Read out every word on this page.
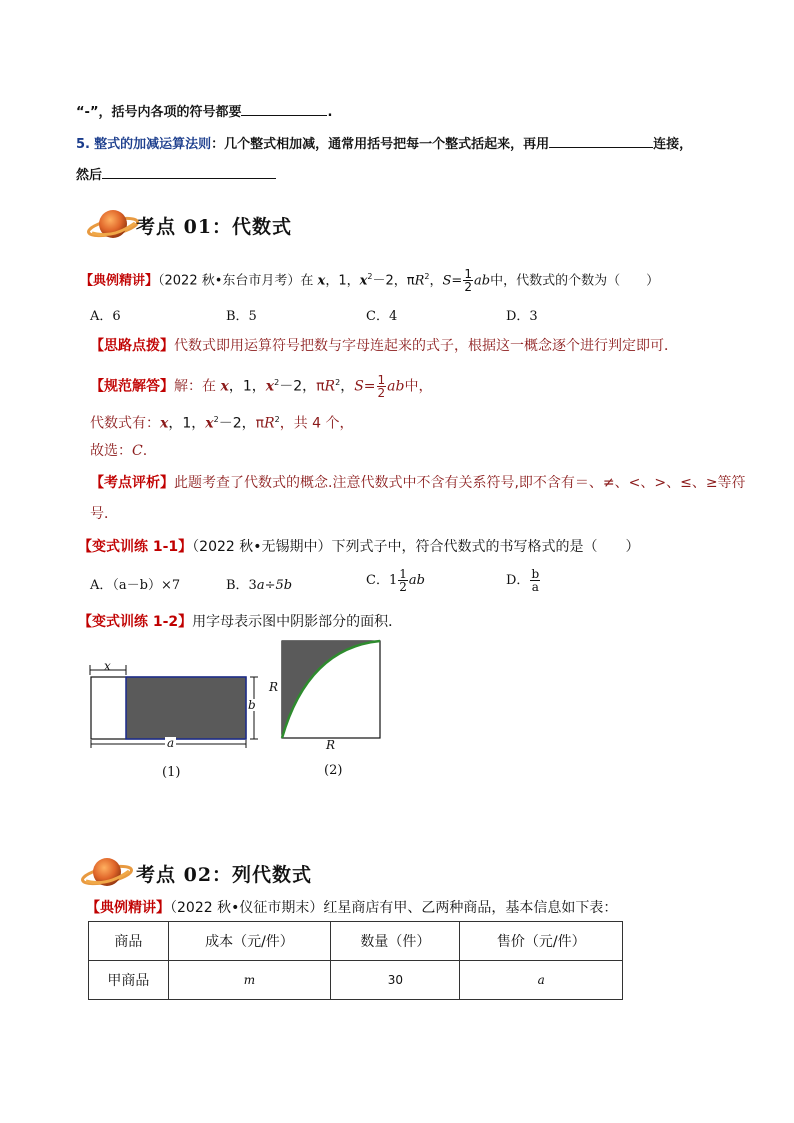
“-”，括号内各项的符号都要	.
5. 整式的加减运算法则：几个整式相加减，通常用括号把每一个整式括起来，再用	连接，
然后
考点 01：代数式
【典例精讲】（2022 秋•东台市月考）在 x，1，$x^2-2$，$\pi R^2$，$S= \frac{1}{2}$ ab中，代数式的个数为（　　）
A．6	B．5	C．4	D．3
【思路点拨】代数式即用运算符号把数与字母连起来的式子，根据这一概念逐个进行判定即可．
【规范解答】解：在 x，1，$x^2-2$，$\pi R^2$，$S= \frac{1}{2}$ ab中，
代数式有：x，1，$x^2-2$，$\pi R^2$，共 4 个，
故选：C.
【考点评析】此题考查了代数式的概念.注意代数式中不含有关系符号,即不含有＝、≠、<、>、≤、≥等符
号．
【变式训练 1-1】（2022 秋•无锡期中）下列式子中，符合代数式的书写格式的是（　　）
A．（a－b）×7	B．3a÷5b	C．$1 \frac{1}{2}$ ab	D． $\frac{b}{a}$
【变式训练 1-2】用字母表示图中阴影部分的面积．
x
b
a
(1)
R
R
(2)
考点 02：列代数式
【典例精讲】（2022 秋•仪征市期末）红星商店有甲、乙两种商品，基本信息如下表：
商品	成本（元/件）	数量（件）	售价（元/件）
甲商品	m	30	a
